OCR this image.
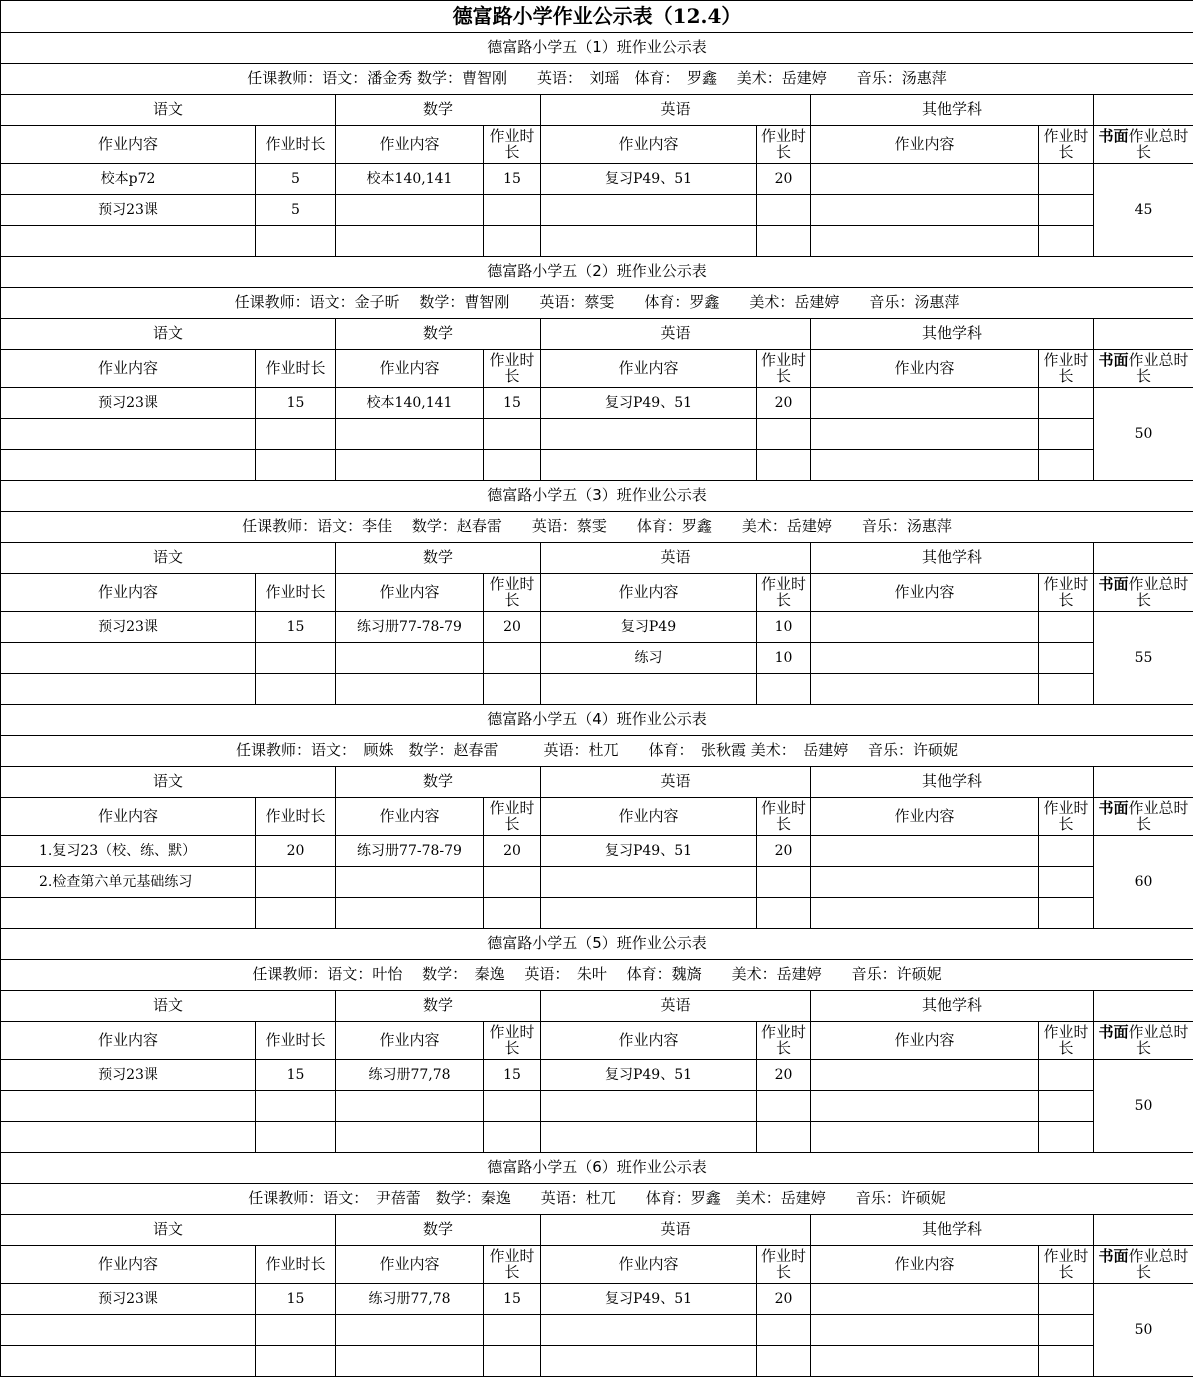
德富路小学作业公示表（12.4）								
德富路小学五（1）班作业公示表								
任课教师：语文：潘金秀 数学：曹智刚　　英语：　刘瑶　体育：　罗鑫　 美术：岳建婷　　音乐：汤惠萍								
语文		数学		英语		其他学科		
作业内容	作业时长	作业内容	作业时长	作业内容	作业时长	作业内容	作业时长	书面作业总时长
校本p72	5	校本140,141	15	复习P49、51	20			45
预习23课	5							

德富路小学五（2）班作业公示表								
任课教师：语文：金子昕　 数学：曹智刚　　英语：蔡雯　　体育：罗鑫　　美术：岳建婷　　音乐：汤惠萍								
语文		数学		英语		其他学科		
作业内容	作业时长	作业内容	作业时长	作业内容	作业时长	作业内容	作业时长	书面作业总时长
预习23课	15	校本140,141	15	复习P49、51	20			50

德富路小学五（3）班作业公示表								
任课教师：语文：李佳　 数学：赵春雷　　英语：蔡雯　　体育：罗鑫　　美术：岳建婷　　音乐：汤惠萍								
语文		数学		英语		其他学科		
作业内容	作业时长	作业内容	作业时长	作业内容	作业时长	作业内容	作业时长	书面作业总时长
预习23课	15	练习册77-78-79	20	复习P49	10			55
				练习	10			

德富路小学五（4）班作业公示表								
任课教师：语文：　顾姝　数学：赵春雷　　　英语：杜兀　　体育：　张秋霞 美术：　岳建婷　 音乐：许硕妮								
语文		数学		英语		其他学科		
作业内容	作业时长	作业内容	作业时长	作业内容	作业时长	作业内容	作业时长	书面作业总时长
1.复习23（校、练、默）	20	练习册77-78-79	20	复习P49、51	20			60
2.检查第六单元基础练习								

德富路小学五（5）班作业公示表								
任课教师：语文：叶怡　 数学：　秦逸　 英语：　朱叶　 体育：魏旖　　美术：岳建婷　　音乐：许硕妮								
语文		数学		英语		其他学科		
作业内容	作业时长	作业内容	作业时长	作业内容	作业时长	作业内容	作业时长	书面作业总时长
预习23课	15	练习册77,78	15	复习P49、51	20			50

德富路小学五（6）班作业公示表								
任课教师：语文：　尹蓓蕾　数学：秦逸　　英语：杜兀　　体育：罗鑫　美术：岳建婷　　音乐：许硕妮								
语文		数学		英语		其他学科		
作业内容	作业时长	作业内容	作业时长	作业内容	作业时长	作业内容	作业时长	书面作业总时长
预习23课	15	练习册77,78	15	复习P49、51	20			50
